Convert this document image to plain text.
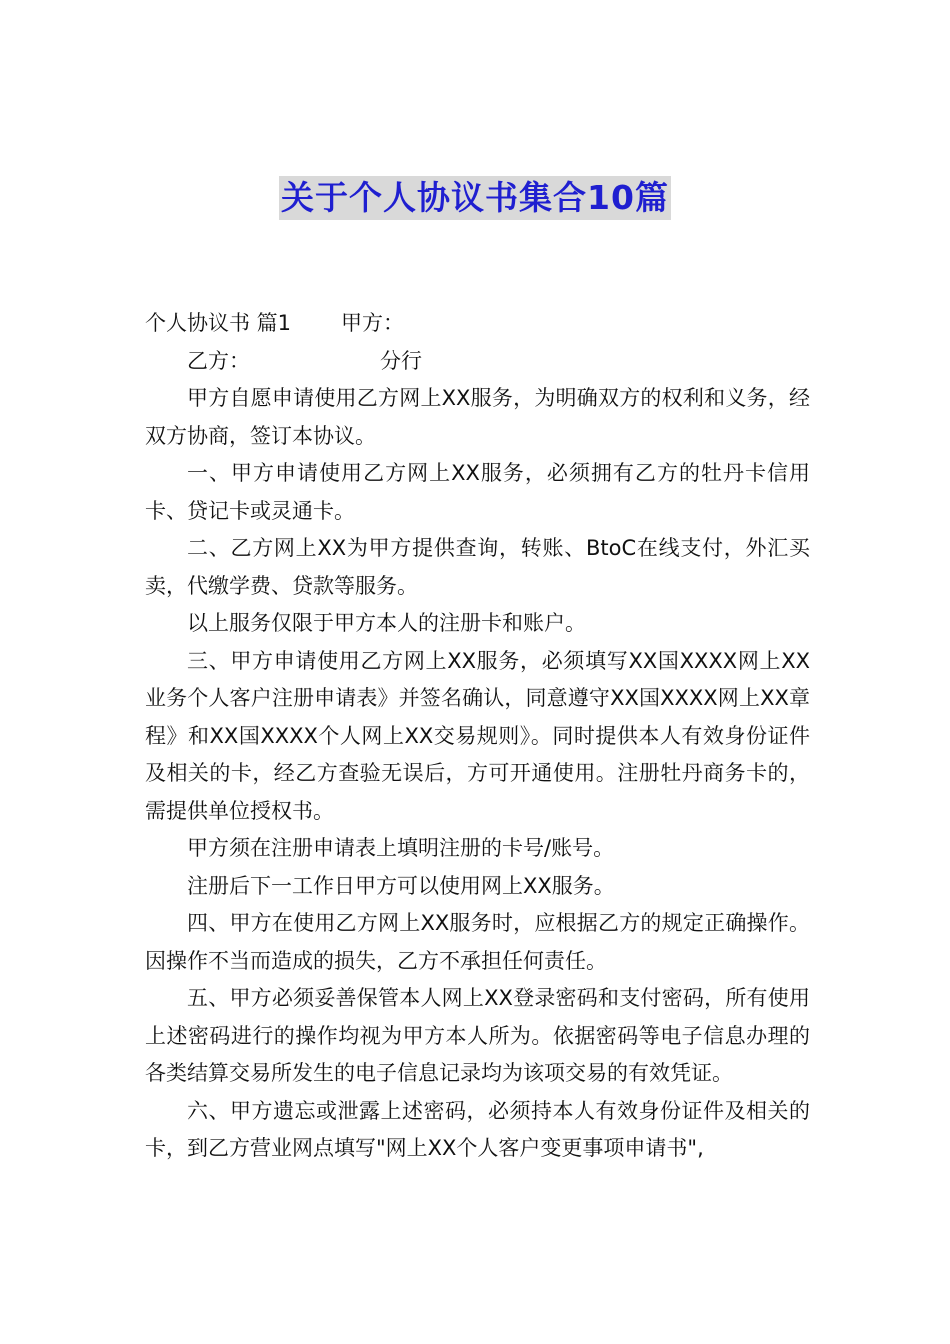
关于个人协议书集合10篇

个人协议书 篇1 甲方：

乙方：	分行

甲方自愿申请使用乙方网上XX服务，为明确双方的权利和义务，经双方协商，签订本协议。

一、甲方申请使用乙方网上XX服务，必须拥有乙方的牡丹卡信用卡、贷记卡或灵通卡。

二、乙方网上XX为甲方提供查询，转账、BtoC在线支付，外汇买卖，代缴学费、贷款等服务。

以上服务仅限于甲方本人的注册卡和账户。

三、甲方申请使用乙方网上XX服务，必须填写XX国XXXX网上XX业务个人客户注册申请表》并签名确认，同意遵守XX国XXXX网上XX章程》和XX国XXXX个人网上XX交易规则》。同时提供本人有效身份证件及相关的卡，经乙方查验无误后，方可开通使用。注册牡丹商务卡的，需提供单位授权书。

甲方须在注册申请表上填明注册的卡号/账号。

注册后下一工作日甲方可以使用网上XX服务。

四、甲方在使用乙方网上XX服务时，应根据乙方的规定正确操作。因操作不当而造成的损失，乙方不承担任何责任。

五、甲方必须妥善保管本人网上XX登录密码和支付密码，所有使用上述密码进行的操作均视为甲方本人所为。依据密码等电子信息办理的各类结算交易所发生的电子信息记录均为该项交易的有效凭证。

六、甲方遗忘或泄露上述密码，必须持本人有效身份证件及相关的卡，到乙方营业网点填写"网上XX个人客户变更事项申请书",
